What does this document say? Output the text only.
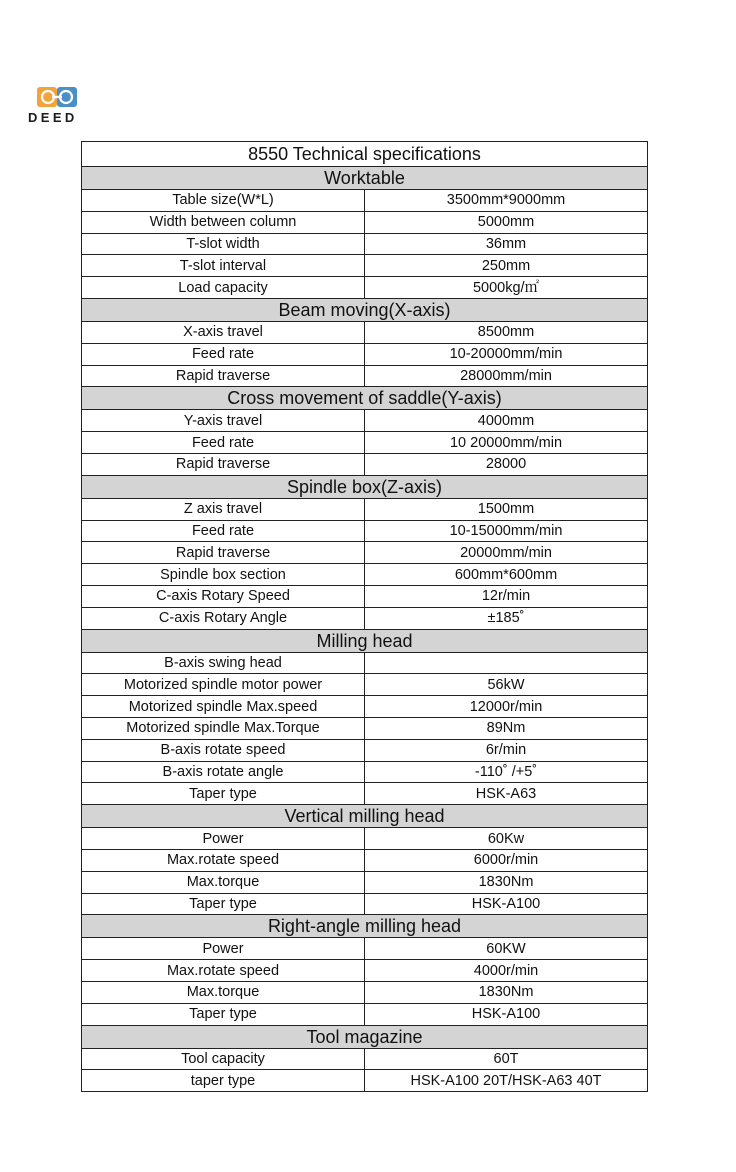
DEED
8550 Technical specifications	
Worktable	
Table size(W*L)	3500mm*9000mm
Width between column	5000mm
T-slot width	36mm
T-slot interval	250mm
Load capacity	5000kg/㎡
Beam moving(X-axis)	
X-axis travel	8500mm
Feed rate	10-20000mm/min
Rapid traverse	28000mm/min
Cross movement of saddle(Y-axis)	
Y-axis travel	4000mm
Feed rate	10 20000mm/min
Rapid traverse	28000
Spindle box(Z-axis)	
Z axis travel	1500mm
Feed rate	10-15000mm/min
Rapid traverse	20000mm/min
Spindle box section	600mm*600mm
C-axis Rotary Speed	12r/min
C-axis Rotary Angle	±185˚
Milling head	
B-axis swing head	
Motorized spindle motor power	56kW
Motorized spindle Max.speed	12000r/min
Motorized spindle Max.Torque	89Nm
B-axis rotate speed	6r/min
B-axis rotate angle	-110˚ /+5˚
Taper type	HSK-A63
Vertical milling head	
Power	60Kw
Max.rotate speed	6000r/min
Max.torque	1830Nm
Taper type	HSK-A100
Right-angle milling head	
Power	60KW
Max.rotate speed	4000r/min
Max.torque	1830Nm
Taper type	HSK-A100
Tool magazine	
Tool capacity	60T
taper type	HSK-A100 20T/HSK-A63 40T
